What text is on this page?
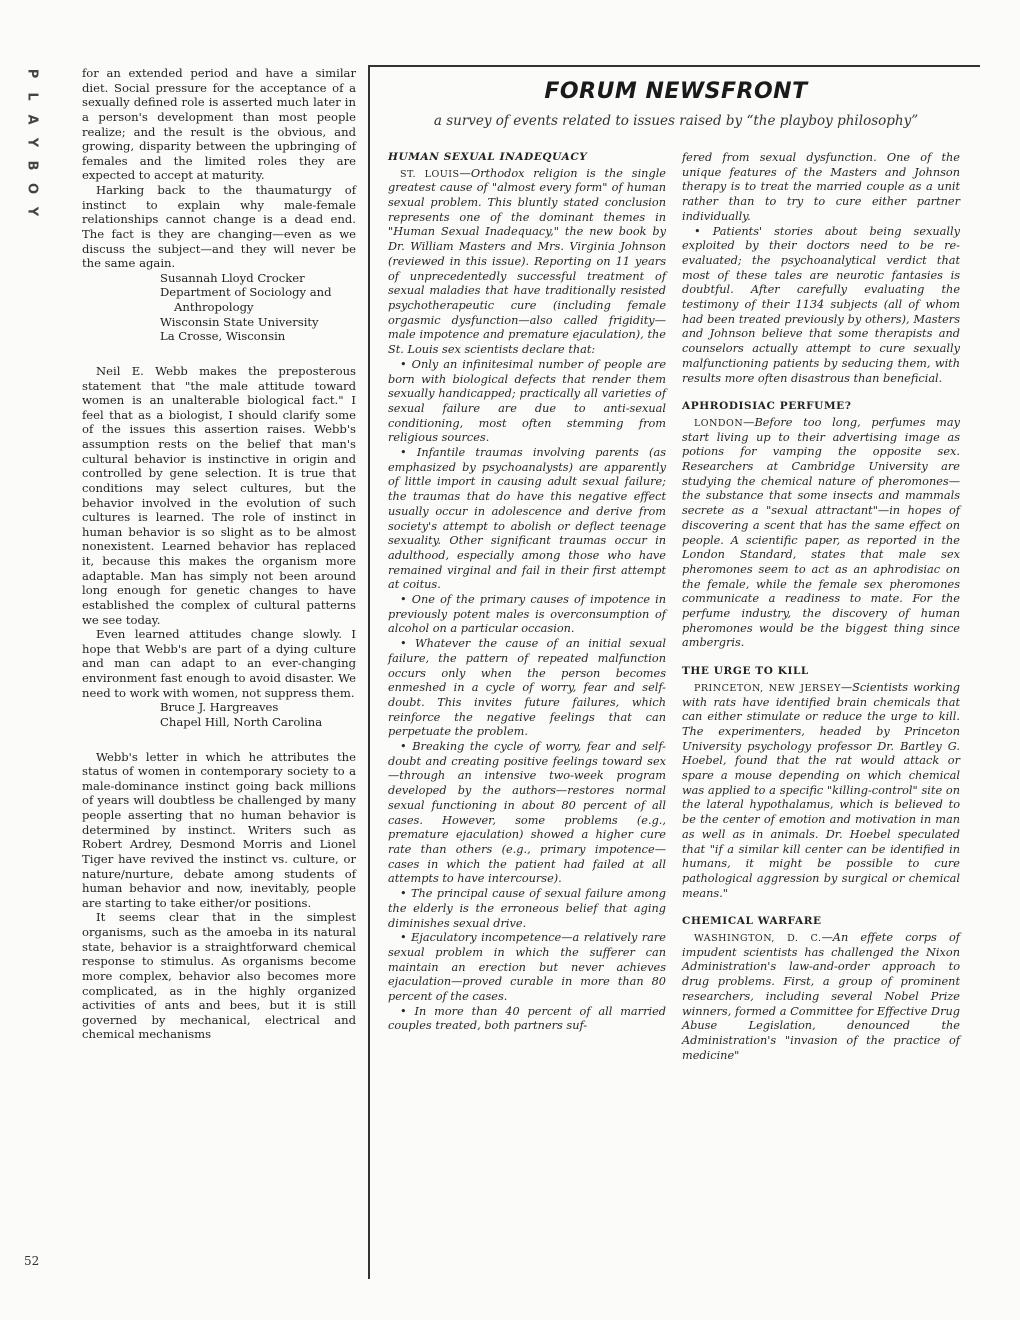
P
L
A
Y
B
O
Y
52

for an extended period and have a similar diet. Social pressure for the acceptance of a sexually defined role is asserted much later in a person's development than most people realize; and the result is the obvious, and growing, disparity between the upbringing of females and the limited roles they are expected to accept at maturity.

Harking back to the thaumaturgy of instinct to explain why male-female relationships cannot change is a dead end. The fact is they are changing—even as we discuss the subject—and they will never be the same again.

Susannah Lloyd Crocker

Department of Sociology and

Anthropology

Wisconsin State University

La Crosse, Wisconsin

Neil E. Webb makes the preposterous statement that "the male attitude toward women is an unalterable biological fact." I feel that as a biologist, I should clarify some of the issues this assertion raises. Webb's assumption rests on the belief that man's cultural behavior is instinctive in origin and controlled by gene selection. It is true that conditions may select cultures, but the behavior involved in the evolution of such cultures is learned. The role of instinct in human behavior is so slight as to be almost nonexistent. Learned behavior has replaced it, because this makes the organism more adaptable. Man has simply not been around long enough for genetic changes to have established the complex of cultural patterns we see today.

Even learned attitudes change slowly. I hope that Webb's are part of a dying culture and man can adapt to an ever-changing environment fast enough to avoid disaster. We need to work with women, not suppress them.

Bruce J. Hargreaves

Chapel Hill, North Carolina

Webb's letter in which he attributes the status of women in contemporary society to a male-dominance instinct going back millions of years will doubtless be challenged by many people asserting that no human behavior is determined by instinct. Writers such as Robert Ardrey, Desmond Morris and Lionel Tiger have revived the instinct vs. culture, or nature/nurture, debate among students of human behavior and now, inevitably, people are starting to take either/or positions.

It seems clear that in the simplest organisms, such as the amoeba in its natural state, behavior is a straightforward chemical response to stimulus. As organisms become more complex, behavior also becomes more complicated, as in the highly organized activities of ants and bees, but it is still governed by mechanical, electrical and chemical mechanisms

FORUM NEWSFRONT
a survey of events related to issues raised by “the playboy philosophy”
HUMAN SEXUAL INADEQUACY

ST. LOUIS—Orthodox religion is the single greatest cause of "almost every form" of human sexual problem. This bluntly stated conclusion represents one of the dominant themes in "Human Sexual Inadequacy," the new book by Dr. William Masters and Mrs. Virginia Johnson (reviewed in this issue). Reporting on 11 years of unprecedentedly successful treatment of sexual maladies that have traditionally resisted psychotherapeutic cure (including female orgasmic dysfunction—also called frigidity—male impotence and premature ejaculation), the St. Louis sex scientists declare that:

• Only an infinitesimal number of people are born with biological defects that render them sexually handicapped; practically all varieties of sexual failure are due to anti-sexual conditioning, most often stemming from religious sources.

• Infantile traumas involving parents (as emphasized by psychoanalysts) are apparently of little import in causing adult sexual failure; the traumas that do have this negative effect usually occur in adolescence and derive from society's attempt to abolish or deflect teenage sexuality. Other significant traumas occur in adulthood, especially among those who have remained virginal and fail in their first attempt at coitus.

• One of the primary causes of impotence in previously potent males is overconsumption of alcohol on a particular occasion.

• Whatever the cause of an initial sexual failure, the pattern of repeated malfunction occurs only when the person becomes enmeshed in a cycle of worry, fear and self-doubt. This invites future failures, which reinforce the negative feelings that can perpetuate the problem.

• Breaking the cycle of worry, fear and self-doubt and creating positive feelings toward sex—through an intensive two-week program developed by the authors—restores normal sexual functioning in about 80 percent of all cases. However, some problems (e.g., premature ejaculation) showed a higher cure rate than others (e.g., primary impotence—cases in which the patient had failed at all attempts to have intercourse).

• The principal cause of sexual failure among the elderly is the erroneous belief that aging diminishes sexual drive.

• Ejaculatory incompetence—a relatively rare sexual problem in which the sufferer can maintain an erection but never achieves ejaculation—proved curable in more than 80 percent of the cases.

• In more than 40 percent of all married couples treated, both partners suf-

fered from sexual dysfunction. One of the unique features of the Masters and Johnson therapy is to treat the married couple as a unit rather than to try to cure either partner individually.

• Patients' stories about being sexually exploited by their doctors need to be re-evaluated; the psychoanalytical verdict that most of these tales are neurotic fantasies is doubtful. After carefully evaluating the testimony of their 1134 subjects (all of whom had been treated previously by others), Masters and Johnson believe that some therapists and counselors actually attempt to cure sexually malfunctioning patients by seducing them, with results more often disastrous than beneficial.

APHRODISIAC PERFUME?

LONDON—Before too long, perfumes may start living up to their advertising image as potions for vamping the opposite sex. Researchers at Cambridge University are studying the chemical nature of pheromones—the substance that some insects and mammals secrete as a "sexual attractant"—in hopes of discovering a scent that has the same effect on people. A scientific paper, as reported in the London Standard, states that male sex pheromones seem to act as an aphrodisiac on the female, while the female sex pheromones communicate a readiness to mate. For the perfume industry, the discovery of human pheromones would be the biggest thing since ambergris.

THE URGE TO KILL

PRINCETON, NEW JERSEY—Scientists working with rats have identified brain chemicals that can either stimulate or reduce the urge to kill. The experimenters, headed by Princeton University psychology professor Dr. Bartley G. Hoebel, found that the rat would attack or spare a mouse depending on which chemical was applied to a specific "killing-control" site on the lateral hypothalamus, which is believed to be the center of emotion and motivation in man as well as in animals. Dr. Hoebel speculated that "if a similar kill center can be identified in humans, it might be possible to cure pathological aggression by surgical or chemical means."

CHEMICAL WARFARE

WASHINGTON, D. C.—An effete corps of impudent scientists has challenged the Nixon Administration's law-and-order approach to drug problems. First, a group of prominent researchers, including several Nobel Prize winners, formed a Committee for Effective Drug Abuse Legislation, denounced the Administration's "invasion of the practice of medicine"
